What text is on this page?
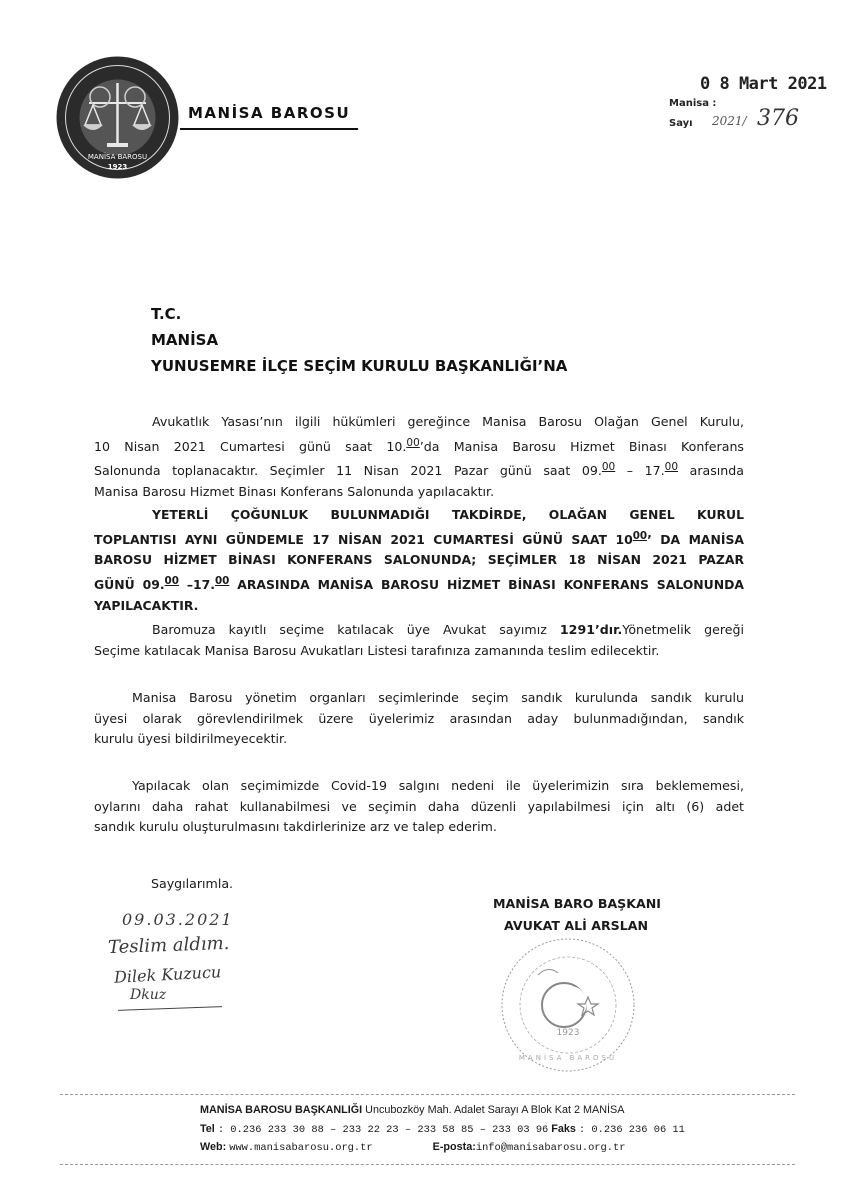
MANİSA BAROSU
1923
MANİSA BAROSU
0 8 Mart 2021
Manisa :
Sayı 2021/ 376
T.C.
MANİSA
YUNUSEMRE İLÇE SEÇİM KURULU BAŞKANLIĞI’NA
Avukatlık Yasası’nın ilgili hükümleri gereğince Manisa Barosu Olağan Genel Kurulu,
10 Nisan 2021 Cumartesi günü saat 10.00’da Manisa Barosu Hizmet Binası Konferans
Salonunda toplanacaktır. Seçimler 11 Nisan 2021 Pazar günü saat 09.00 – 17.00 arasında
Manisa Barosu Hizmet Binası Konferans Salonunda yapılacaktır.
YETERLİ ÇOĞUNLUK BULUNMADIĞI TAKDİRDE, OLAĞAN GENEL KURUL
TOPLANTISI AYNI GÜNDEMLE 17 NİSAN 2021 CUMARTESİ GÜNÜ SAAT $10^{00}$’ DA MANİSA
BAROSU HİZMET BİNASI KONFERANS SALONUNDA; SEÇİMLER 18 NİSAN 2021 PAZAR
GÜNÜ 09.00 –17.00 ARASINDA MANİSA BAROSU HİZMET BİNASI KONFERANS SALONUNDA
YAPILACAKTIR.
Baromuza kayıtlı seçime katılacak üye Avukat sayımız 1291’dır.Yönetmelik gereği
Seçime katılacak Manisa Barosu Avukatları Listesi tarafınıza zamanında teslim edilecektir.
Manisa Barosu yönetim organları seçimlerinde seçim sandık kurulunda sandık kurulu
üyesi olarak görevlendirilmek üzere üyelerimiz arasından aday bulunmadığından, sandık
kurulu üyesi bildirilmeyecektir.
Yapılacak olan seçimimizde Covid-19 salgını nedeni ile üyelerimizin sıra beklememesi,
oylarını daha rahat kullanabilmesi ve seçimin daha düzenli yapılabilmesi için altı (6) adet
sandık kurulu oluşturulmasını takdirlerinize arz ve talep ederim.
Saygılarımla.
MANİSA BARO BAŞKANI
AVUKAT ALİ ARSLAN
09.03.2021
Teslim aldım.
Dilek Kuzucu
Dkuz
1923
MANİSA BAROSU
MANİSA BAROSU BAŞKANLIĞI Uncubozköy Mah. Adalet Sarayı A Blok Kat 2 MANİSA
Tel : 0.236 233 30 88 – 233 22 23 – 233 58 85 – 233 03 96 Faks : 0.236 236 06 11
Web: www.manisabarosu.org.tr	E-posta:info@manisabarosu.org.tr
